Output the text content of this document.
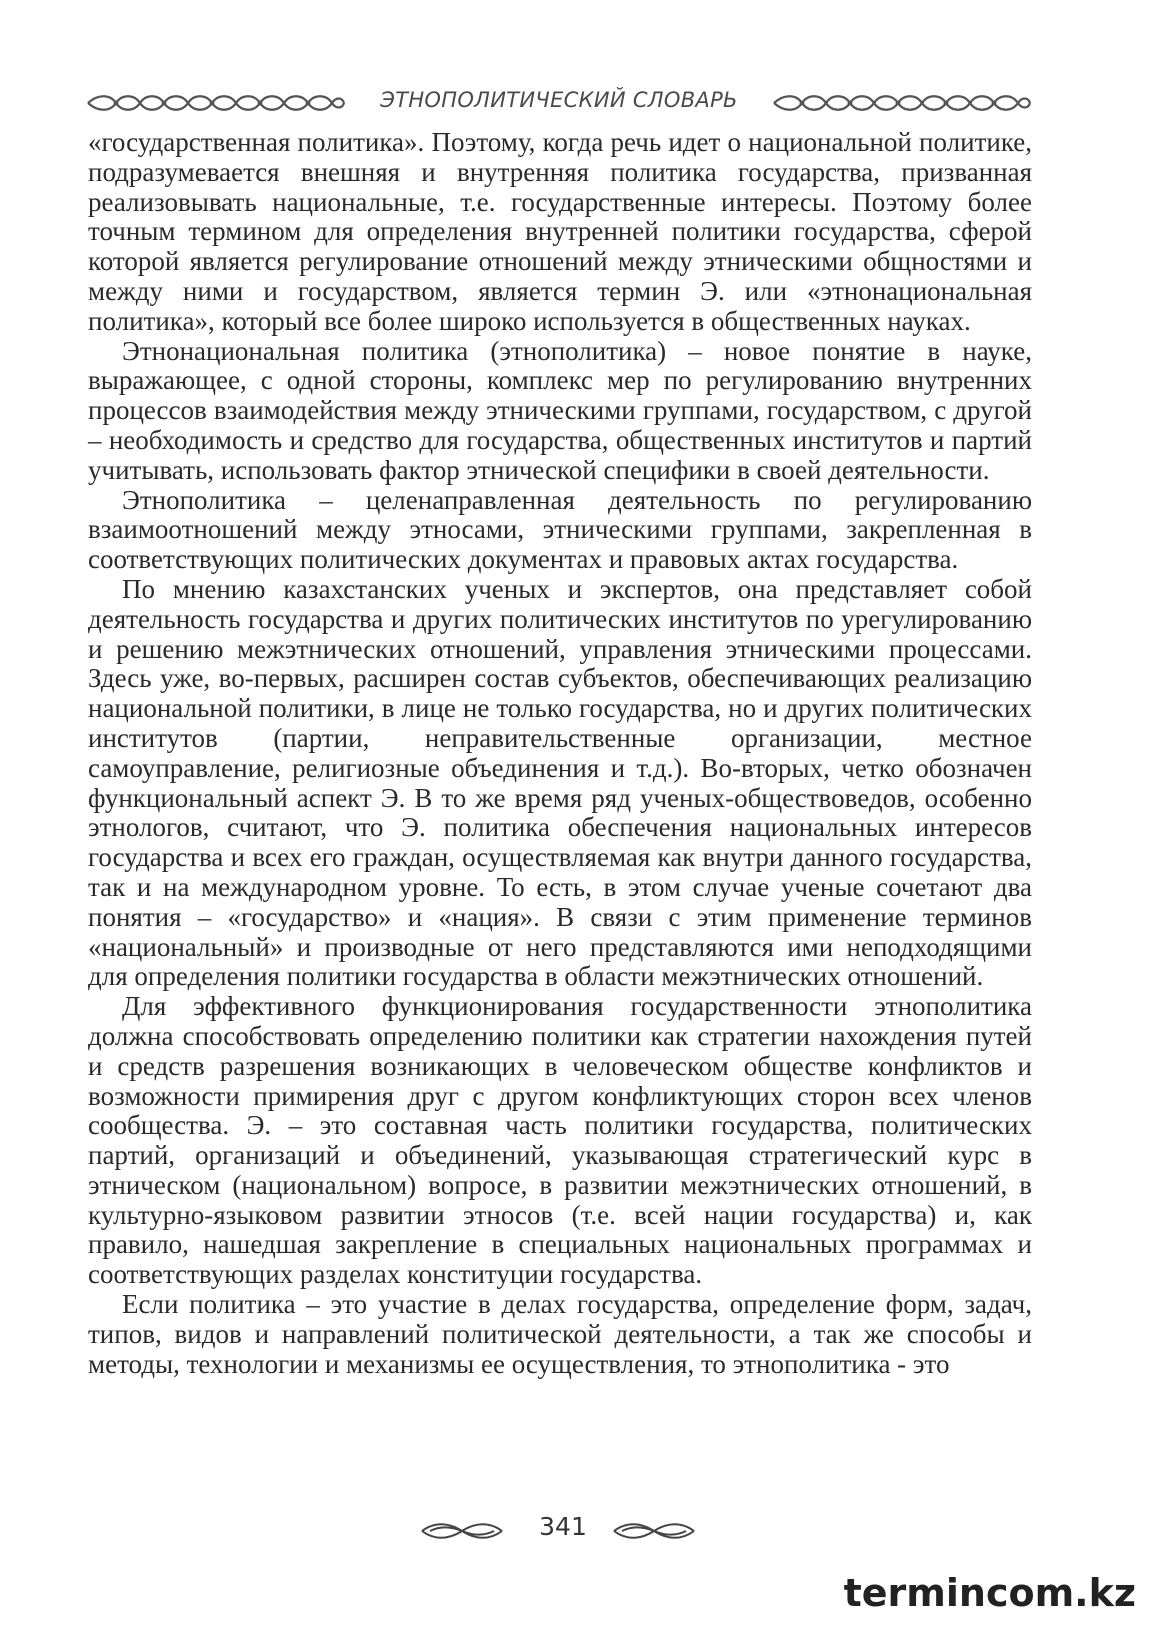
ЭТНОПОЛИТИЧЕСКИЙ СЛОВАРЬ

«государственная политика». Поэтому, когда речь идет о национальной политике, подразумевается внешняя и внутренняя политика государства, призванная реализовывать национальные, т.е. государственные интересы. Поэтому более точным термином для определения внутренней политики государства, сферой которой является регулирование отношений между этническими общностями и между ними и государством, является термин Э. или «этнонациональная политика», который все более широко используется в общественных науках.

Этнонациональная политика (этнополитика) – новое понятие в науке, выражающее, с одной стороны, комплекс мер по регулированию внутренних процессов взаимодействия между этническими группами, государством, с другой – необходимость и средство для государства, общественных институтов и партий учитывать, использовать фактор этнической специфики в своей деятельности.

Этнополитика – целенаправленная деятельность по регулированию взаимоотношений между этносами, этническими группами, закрепленная в соответствующих политических документах и правовых актах государства.

По мнению казахстанских ученых и экспертов, она представляет собой деятельность государства и других политических институтов по урегулированию и решению межэтнических отношений, управления этническими процессами. Здесь уже, во-первых, расширен состав субъектов, обеспечивающих реализацию национальной политики, в лице не только государства, но и других политических институтов (партии, неправительственные организации, местное самоуправление, религиозные объединения и т.д.). Во-вторых, четко обозначен функциональный аспект Э. В то же время ряд ученых-обществоведов, особенно этнологов, считают, что Э. политика обеспечения национальных интересов государства и всех его граждан, осуществляемая как внутри данного государства, так и на международном уровне. То есть, в этом случае ученые сочетают два понятия – «государство» и «нация». В связи с этим применение терминов «национальный» и производные от него представляются ими неподходящими для определения политики государства в области межэтнических отношений.

Для эффективного функционирования государственности этнополитика должна способствовать определению политики как стратегии нахождения путей и средств разрешения возникающих в человеческом обществе конфликтов и возможности примирения друг с другом конфликтующих сторон всех членов сообщества. Э. – это составная часть политики государства, политических партий, организаций и объединений, указывающая стратегический курс в этническом (национальном) вопросе, в развитии межэтнических отношений, в культурно-языковом развитии этносов (т.е. всей нации государства) и, как правило, нашедшая закрепление в специальных национальных программах и соответствующих разделах конституции государства.

Если политика – это участие в делах государства, определение форм, задач, типов, видов и направлений политической деятельности, а так же способы и методы, технологии и механизмы ее осуществления, то этнополитика - это

341
termincom.kz
